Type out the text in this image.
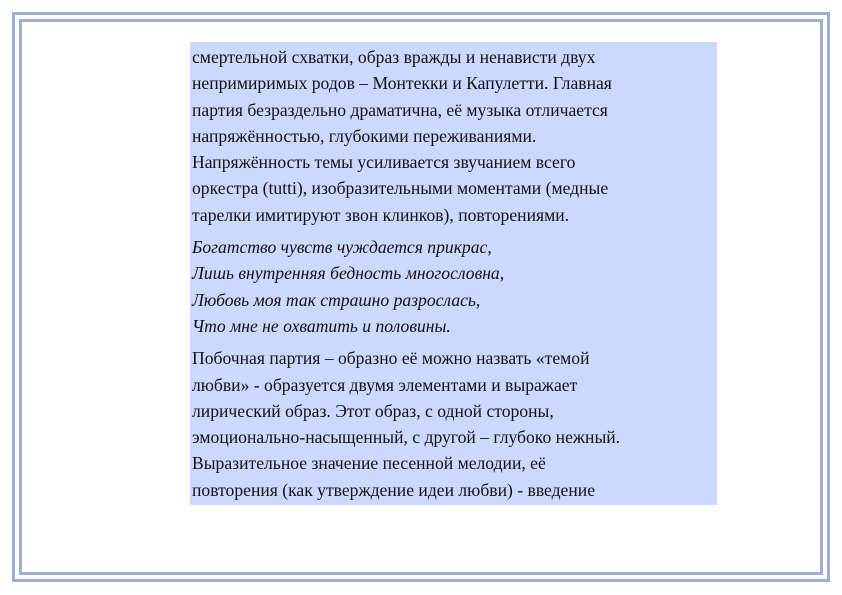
смертельной схватки, образ вражды и ненависти двух
непримиримых родов – Монтекки и Капулетти. Главная
партия безраздельно драматична, её музыка отличается
напряжённостью, глубокими переживаниями.
Напряжённость темы усиливается звучанием всего
оркестра (tutti), изобразительными моментами (медные
тарелки имитируют звон клинков), повторениями.

Богатство чувств чуждается прикрас,
Лишь внутренняя бедность многословна,
Любовь моя так страшно разрослась,
Что мне не охватить и половины.

Побочная партия – образно её можно назвать «темой
любви» - образуется двумя элементами и выражает
лирический образ. Этот образ, с одной стороны,
эмоционально-насыщенный, с другой – глубоко нежный.
Выразительное значение песенной мелодии, её
повторения (как утверждение идеи любви) - введение
